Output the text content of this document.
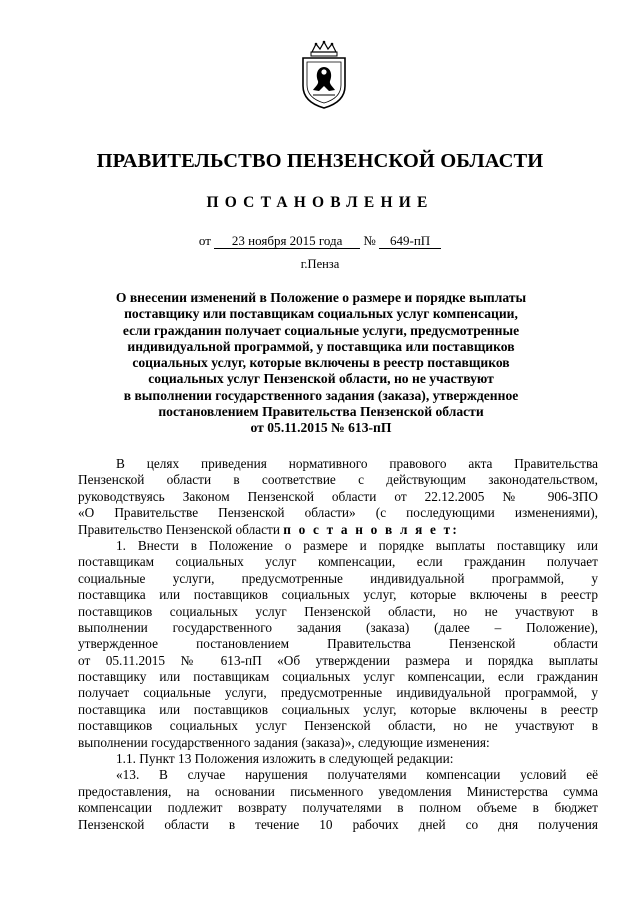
ПРАВИТЕЛЬСТВО ПЕНЗЕНСКОЙ ОБЛАСТИ
ПОСТАНОВЛЕНИЕ
от 23 ноября 2015 года № 649-пП
г.Пенза
О внесении изменений в Положение о размере и порядке выплаты
поставщику или поставщикам социальных услуг компенсации,
если гражданин получает социальные услуги, предусмотренные
индивидуальной программой, у поставщика или поставщиков
социальных услуг, которые включены в реестр поставщиков
социальных услуг Пензенской области, но не участвуют
в выполнении государственного задания (заказа), утвержденное
постановлением Правительства Пензенской области
от 05.11.2015 № 613-пП
В целях приведения нормативного правового акта Правительства
Пензенской области в соответствие с действующим законодательством,
руководствуясь Законом Пензенской области от 22.12.2005 № 906-ЗПО
«О Правительстве Пензенской области» (с последующими изменениями),
Правительство Пензенской области п о с т а н о в л я е т:
1. Внести в Положение о размере и порядке выплаты поставщику или
поставщикам социальных услуг компенсации, если гражданин получает
социальные услуги, предусмотренные индивидуальной программой, у
поставщика или поставщиков социальных услуг, которые включены в реестр
поставщиков социальных услуг Пензенской области, но не участвуют в
выполнении государственного задания (заказа) (далее – Положение),
утвержденное постановлением Правительства Пензенской области
от 05.11.2015 № 613-пП «Об утверждении размера и порядка выплаты
поставщику или поставщикам социальных услуг компенсации, если гражданин
получает социальные услуги, предусмотренные индивидуальной программой, у
поставщика или поставщиков социальных услуг, которые включены в реестр
поставщиков социальных услуг Пензенской области, но не участвуют в
выполнении государственного задания (заказа)», следующие изменения:
1.1. Пункт 13 Положения изложить в следующей редакции:
«13. В случае нарушения получателями компенсации условий её
предоставления, на основании письменного уведомления Министерства сумма
компенсации подлежит возврату получателями в полном объеме в бюджет
Пензенской области в течение 10 рабочих дней со дня получения
